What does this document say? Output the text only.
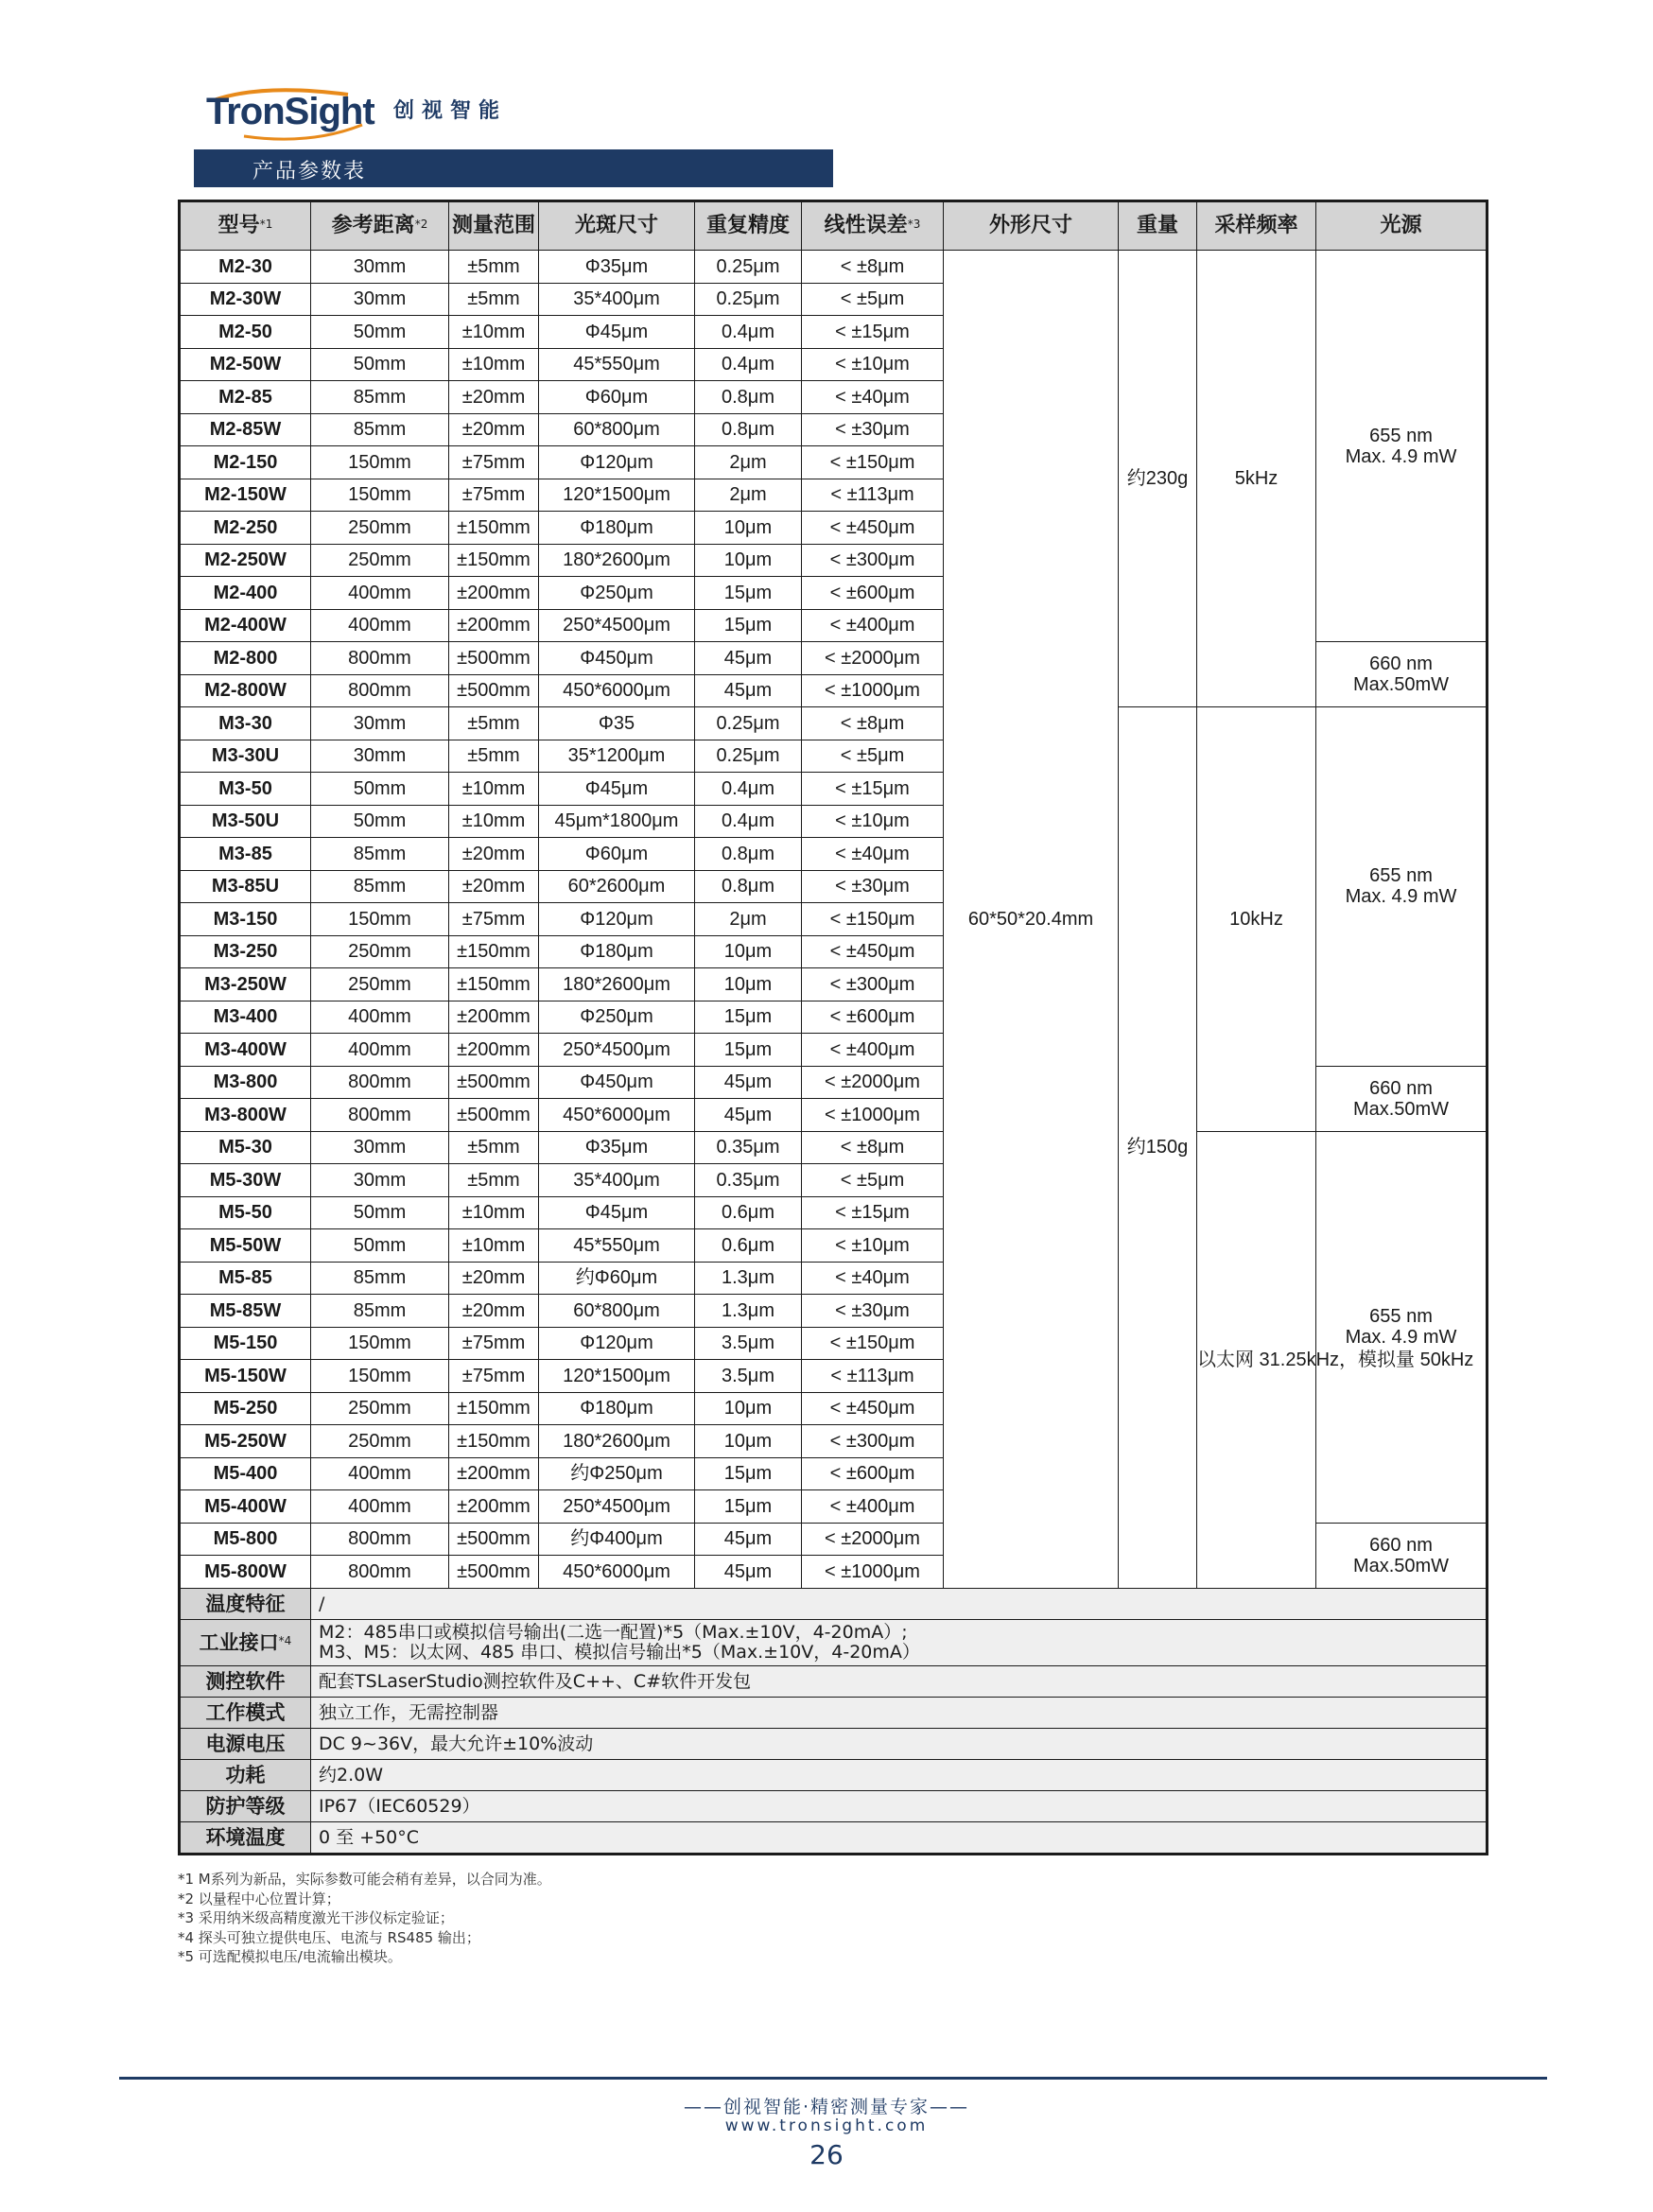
TronSight 创视智能
产品参数表
型号$^{*1}$	参考距离$^{*2}$	测量范围	光斑尺寸	重复精度	线性误差$^{*3}$	外形尺寸	重量	采样频率	光源
M2-30	30mm	±5mm	Φ35μm	0.25μm	< ±8μm	60*50*20.4mm	约230g	5kHz	655 nm
Max. 4.9 mW

M2-30W	30mm	±5mm	35*400μm	0.25μm	< ±5μm				
M2-50	50mm	±10mm	Φ45μm	0.4μm	< ±15μm				
M2-50W	50mm	±10mm	45*550μm	0.4μm	< ±10μm				
M2-85	85mm	±20mm	Φ60μm	0.8μm	< ±40μm				
M2-85W	85mm	±20mm	60*800μm	0.8μm	< ±30μm				
M2-150	150mm	±75mm	Φ120μm	2μm	< ±150μm				
M2-150W	150mm	±75mm	120*1500μm	2μm	< ±113μm				
M2-250	250mm	±150mm	Φ180μm	10μm	< ±450μm				
M2-250W	250mm	±150mm	180*2600μm	10μm	< ±300μm				
M2-400	400mm	±200mm	Φ250μm	15μm	< ±600μm				
M2-400W	400mm	±200mm	250*4500μm	15μm	< ±400μm				
M2-800	800mm	±500mm	Φ450μm	45μm	< ±2000μm				660 nm
Max.50mW

M2-800W	800mm	±500mm	450*6000μm	45μm	< ±1000μm				
M3-30	30mm	±5mm	Φ35	0.25μm	< ±8μm		约150g	10kHz	655 nm
Max. 4.9 mW

M3-30U	30mm	±5mm	35*1200μm	0.25μm	< ±5μm				
M3-50	50mm	±10mm	Φ45μm	0.4μm	< ±15μm				
M3-50U	50mm	±10mm	45μm*1800μm	0.4μm	< ±10μm				
M3-85	85mm	±20mm	Φ60μm	0.8μm	< ±40μm				
M3-85U	85mm	±20mm	60*2600μm	0.8μm	< ±30μm				
M3-150	150mm	±75mm	Φ120μm	2μm	< ±150μm				
M3-250	250mm	±150mm	Φ180μm	10μm	< ±450μm				
M3-250W	250mm	±150mm	180*2600μm	10μm	< ±300μm				
M3-400	400mm	±200mm	Φ250μm	15μm	< ±600μm				
M3-400W	400mm	±200mm	250*4500μm	15μm	< ±400μm				
M3-800	800mm	±500mm	Φ450μm	45μm	< ±2000μm				660 nm
Max.50mW

M3-800W	800mm	±500mm	450*6000μm	45μm	< ±1000μm				
M5-30	30mm	±5mm	Φ35μm	0.35μm	< ±8μm			以太网 31.25kHz，模拟量 50kHz	655 nm
Max. 4.9 mW

M5-30W	30mm	±5mm	35*400μm	0.35μm	< ±5μm				
M5-50	50mm	±10mm	Φ45μm	0.6μm	< ±15μm				
M5-50W	50mm	±10mm	45*550μm	0.6μm	< ±10μm				
M5-85	85mm	±20mm	约Φ60μm	1.3μm	< ±40μm				
M5-85W	85mm	±20mm	60*800μm	1.3μm	< ±30μm				
M5-150	150mm	±75mm	Φ120μm	3.5μm	< ±150μm				
M5-150W	150mm	±75mm	120*1500μm	3.5μm	< ±113μm				
M5-250	250mm	±150mm	Φ180μm	10μm	< ±450μm				
M5-250W	250mm	±150mm	180*2600μm	10μm	< ±300μm				
M5-400	400mm	±200mm	约Φ250μm	15μm	< ±600μm				
M5-400W	400mm	±200mm	250*4500μm	15μm	< ±400μm				
M5-800	800mm	±500mm	约Φ400μm	45μm	< ±2000μm				660 nm
Max.50mW

M5-800W	800mm	±500mm	450*6000μm	45μm	< ±1000μm				
温度特征	/								
工业接口$^{*4}$	M2：485串口或模拟信号输出(二选一配置)*5（Max.±10V，4-20mA）;
M3、M5：以太网、485 串口、模拟信号输出*5（Max.±10V，4-20mA）								

测控软件	配套TSLaserStudio测控软件及C++、C#软件开发包								
工作模式	独立工作，无需控制器								
电源电压	DC 9~36V，最大允许±10%波动								
功耗	约2.0W								
防护等级	IP67（IEC60529）								
环境温度	0 至 +50°C								
*1 M系列为新品，实际参数可能会稍有差异，以合同为准。
*2 以量程中心位置计算；
*3 采用纳米级高精度激光干涉仪标定验证；
*4 探头可独立提供电压、电流与 RS485 输出；
*5 可选配模拟电压/电流输出模块。
——创视智能·精密测量专家——
www.tronsight.com
26
